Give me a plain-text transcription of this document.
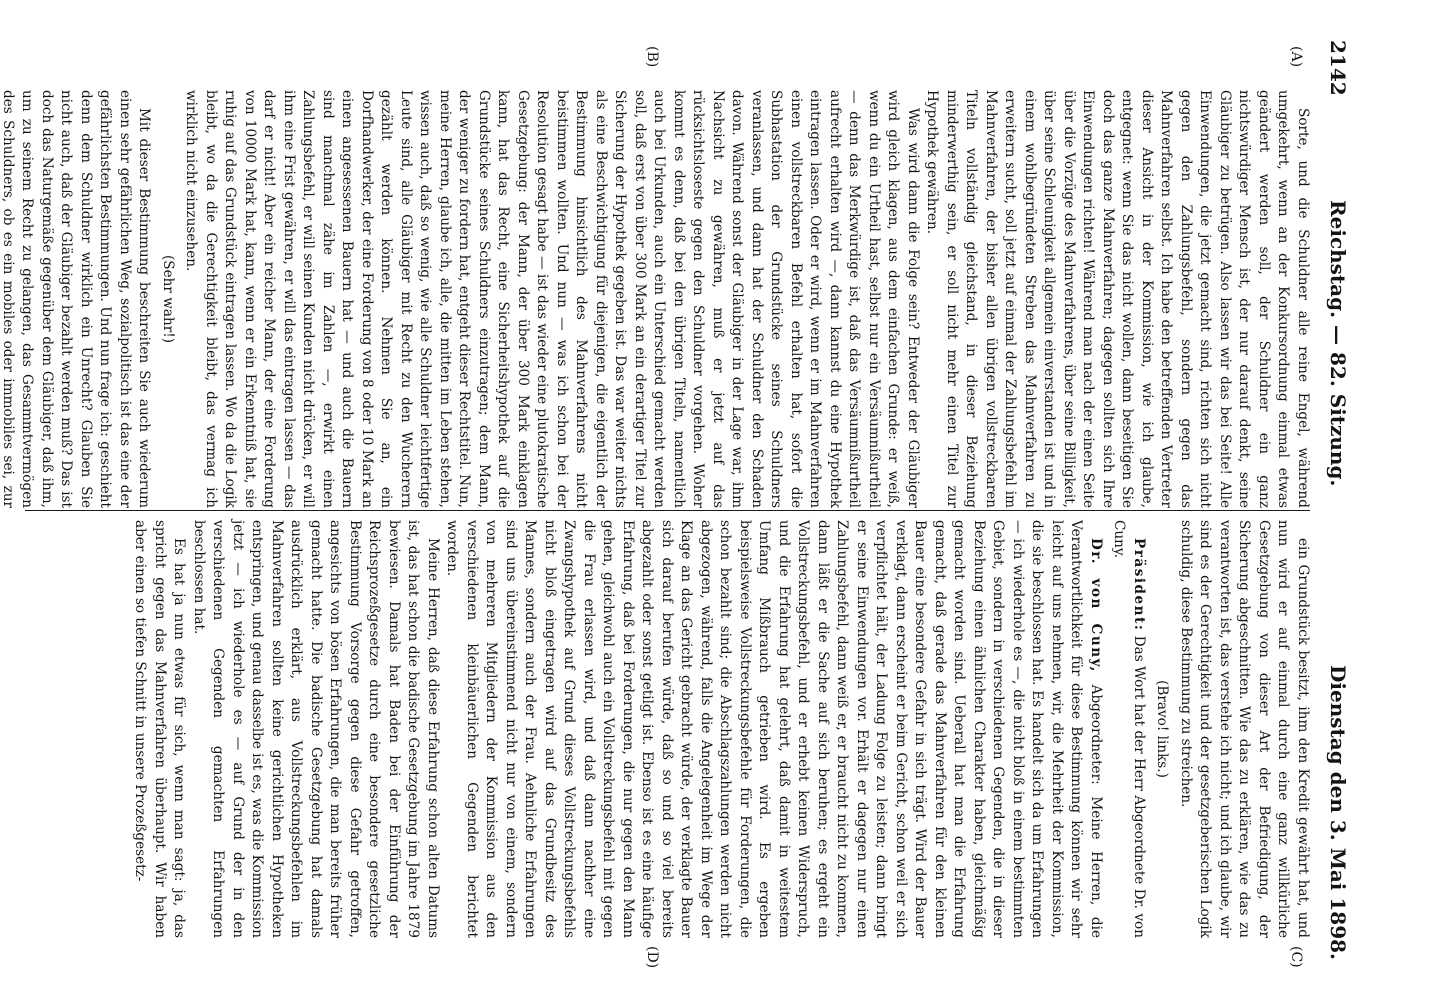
2142
Reichstag. — 82. Sitzung.
Dienstag den 3. Mai 1898.
(A)
(B)
(C)
(D)

Sorte, und die Schuldner alle reine Engel, während umgekehrt, wenn an der Konkursordnung einmal etwas geändert werden soll, der Schuldner ein ganz nichtswürdiger Mensch ist, der nur darauf denkt, seine Gläubiger zu betrügen. Also lassen wir das bei Seite! Alle Einwendungen, die jetzt gemacht sind, richten sich nicht gegen den Zahlungsbefehl, sondern gegen das Mahnverfahren selbst. Ich habe den betreffenden Vertreter dieser Ansicht in der Kommission, wie ich glaube, entgegnet: wenn Sie das nicht wollen, dann beseitigen Sie doch das ganze Mahnverfahren; dagegen sollten sich Ihre Einwendungen richten! Während man nach der einen Seite über die Vorzüge des Mahnverfahrens, über seine Billigkeit, über seine Schleunigkeit allgemein einverstanden ist und in einem wohlbegründeten Streben das Mahnverfahren zu erweitern sucht, soll jetzt auf einmal der Zahlungsbefehl im Mahnverfahren, der bisher allen übrigen vollstreckbaren Titeln vollständig gleichstand, in dieser Beziehung minderwerthig sein, er soll nicht mehr einen Titel zur Hypothek gewähren.

Was wird dann die Folge sein? Entweder der Gläubiger wird gleich klagen, aus dem einfachen Grunde: er weiß, wenn du ein Urtheil hast, selbst nur ein Versäumnißurtheil — denn das Merkwürdige ist, daß das Versäumnißurtheil aufrecht erhalten wird —, dann kannst du eine Hypothek eintragen lassen. Oder er wird, wenn er im Mahnverfahren einen vollstreckbaren Befehl erhalten hat, sofort die Subhastation der Grundstücke seines Schuldners veranlassen, und dann hat der Schuldner den Schaden davon. Während sonst der Gläubiger in der Lage war, ihm Nachsicht zu gewähren, muß er jetzt auf das rücksichtsloseste gegen den Schuldner vorgehen. Woher kommt es denn, daß bei den übrigen Titeln, namentlich auch bei Urkunden, auch ein Unterschied gemacht werden soll, daß erst von über 300 Mark an ein derartiger Titel zur Sicherung der Hypothek gegeben ist. Das war weiter nichts als eine Beschwichtigung für diejenigen, die eigentlich der Bestimmung hinsichtlich des Mahnverfahrens nicht beistimmen wollten. Und nun — was ich schon bei der Resolution gesagt habe — ist das wieder eine plutokratische Gesetzgebung: der Mann, der über 300 Mark einklagen kann, hat das Recht, eine Sicherheitshypothek auf die Grundstücke seines Schuldners einzutragen; dem Mann, der weniger zu fordern hat, entgeht dieser Rechtstitel. Nun, meine Herren, glaube ich, alle, die mitten im Leben stehen, wissen auch, daß so wenig, wie alle Schuldner leichtfertige Leute sind, alle Gläubiger mit Recht zu den Wucherern gezählt werden können. Nehmen Sie an, ein Dorfhandwerker, der eine Forderung von 8 oder 10 Mark an einen angesessenen Bauern hat — und auch die Bauern sind manchmal zähe im Zahlen —, erwirkt einen Zahlungsbefehl, er will seinen Kunden nicht drücken, er will ihm eine Frist gewähren, er will das eintragen lassen — das darf er nicht! Aber ein reicher Mann, der eine Forderung von 10000 Mark hat, kann, wenn er ein Erkenntniß hat, sie ruhig auf das Grundstück eintragen lassen. Wo da die Logik bleibt, wo da die Gerechtigkeit bleibt, das vermag ich wirklich nicht einzusehen.

(Sehr wahr!)

Mit dieser Bestimmung beschreiten Sie auch wiederum einen sehr gefährlichen Weg, sozialpolitisch ist das eine der gefährlichsten Bestimmungen. Und nun frage ich: geschieht denn dem Schuldner wirklich ein Unrecht? Glauben Sie nicht auch, daß der Gläubiger bezahlt werden muß? Das ist doch das Naturgemäße gegenüber dem Gläubiger, daß ihm, um zu seinem Recht zu gelangen, das Gesammtvermögen des Schuldners, ob es ein mobiles oder immobiles sei, zur

ein Grundstück besitzt, ihm den Kredit gewährt hat, und nun wird er auf einmal durch eine ganz willkürliche Gesetzgebung von dieser Art der Befriedigung, der Sicherung abgeschnitten. Wie das zu erklären, wie das zu verantworten ist, das verstehe ich nicht; und ich glaube, wir sind es der Gerechtigkeit und der gesetzgeberischen Logik schuldig, diese Bestimmung zu streichen.

(Bravo! links.)

Präsident: Das Wort hat der Herr Abgeordnete Dr. von Cuny.

Dr. von Cuny, Abgeordneter: Meine Herren, die Verantwortlichkeit für diese Bestimmung können wir sehr leicht auf uns nehmen, wir, die Mehrheit der Kommission, die sie beschlossen hat. Es handelt sich da um Erfahrungen — ich wiederhole es —, die nicht bloß in einem bestimmten Gebiet, sondern in verschiedenen Gegenden, die in dieser Beziehung einen ähnlichen Charakter haben, gleichmäßig gemacht worden sind. Ueberall hat man die Erfahrung gemacht, daß gerade das Mahnverfahren für den kleinen Bauer eine besondere Gefahr in sich trägt. Wird der Bauer verklagt, dann erscheint er beim Gericht, schon weil er sich verpflichtet hält, der Ladung Folge zu leisten; dann bringt er seine Einwendungen vor. Erhält er dagegen nur einen Zahlungsbefehl, dann weiß er, er braucht nicht zu kommen, dann läßt er die Sache auf sich beruhen; es ergeht ein Vollstreckungsbefehl, und er erhebt keinen Widerspruch, und die Erfahrung hat gelehrt, daß damit in weitestem Umfang Mißbrauch getrieben wird. Es ergeben beispielsweise Vollstreckungsbefehle für Forderungen, die schon bezahlt sind; die Abschlagszahlungen werden nicht abgezogen, während, falls die Angelegenheit im Wege der Klage an das Gericht gebracht würde, der verklagte Bauer sich darauf berufen würde, daß so und so viel bereits abgezahlt oder sonst getilgt ist. Ebenso ist es eine häufige Erfahrung, daß bei Forderungen, die nur gegen den Mann gehen, gleichwohl auch ein Vollstreckungsbefehl mit gegen die Frau erlassen wird, und daß dann nachher eine Zwangshypothek auf Grund dieses Vollstreckungsbefehls nicht bloß eingetragen wird auf das Grundbesitz des Mannes, sondern auch der Frau. Aehnliche Erfahrungen sind uns übereinstimmend nicht nur von einem, sondern von mehreren Mitgliedern der Kommission aus den verschiedenen kleinbäuerlichen Gegenden berichtet worden.

Meine Herren, daß diese Erfahrung schon alten Datums ist, das hat schon die badische Gesetzgebung im Jahre 1879 bewiesen. Damals hat Baden bei der Einführung der Reichsprozeßgesetze durch eine besondere gesetzliche Bestimmung Vorsorge gegen diese Gefahr getroffen, angesichts von bösen Erfahrungen, die man bereits früher gemacht hatte. Die badische Gesetzgebung hat damals ausdrücklich erklärt, aus Vollstreckungsbefehlen im Mahnverfahren sollten keine gerichtlichen Hypotheken entspringen, und genau dasselbe ist es, was die Kommission jetzt — ich wiederhole es — auf Grund der in den verschiedenen Gegenden gemachten Erfahrungen beschlossen hat.

Es hat ja nun etwas für sich, wenn man sagt: ja, das spricht gegen das Mahnverfahren überhaupt. Wir haben aber einen so tiefen Schnitt in unsere Prozeßgesetz-
